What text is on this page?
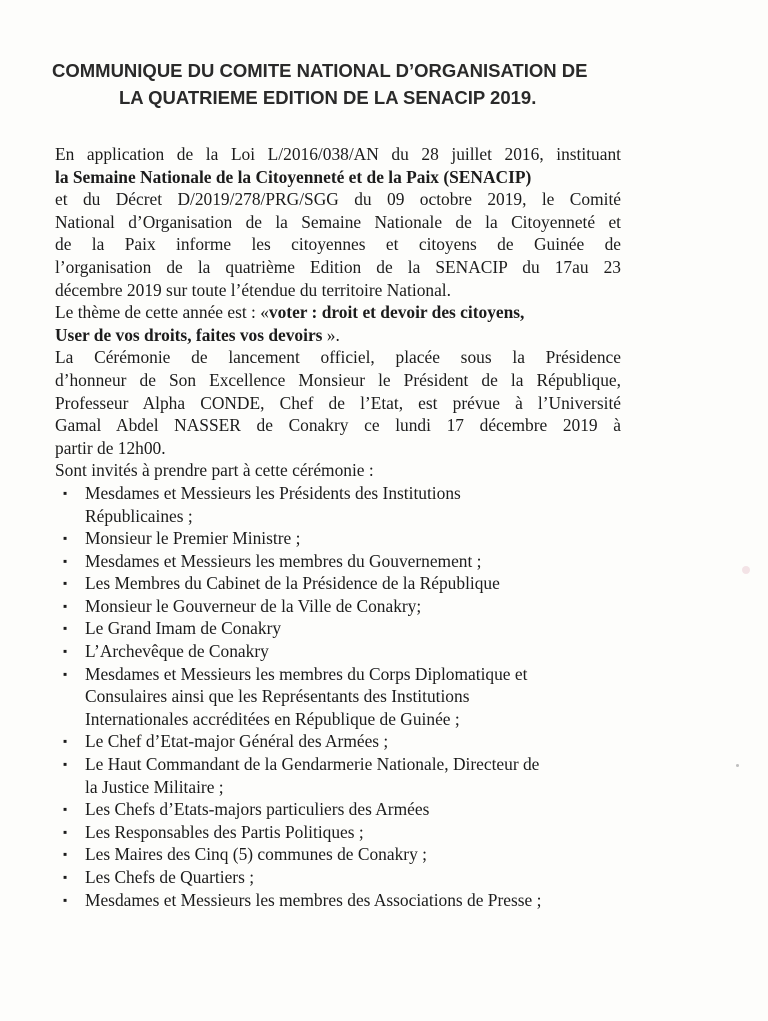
COMMUNIQUE DU COMITE NATIONAL D’ORGANISATION DE
LA QUATRIEME EDITION DE LA SENACIP 2019.

En application de la Loi L/2016/038/AN du 28 juillet 2016, instituant
la Semaine Nationale de la Citoyenneté et de la Paix (SENACIP)
et du Décret D/2019/278/PRG/SGG du 09 octobre 2019, le Comité
National d’Organisation de la Semaine Nationale de la Citoyenneté et
de la Paix informe les citoyennes et citoyens de Guinée de
l’organisation de la quatrième Edition de la SENACIP du 17au 23
décembre 2019 sur toute l’étendue du territoire National.

Le thème de cette année est : «voter : droit et devoir des citoyens,
User de vos droits, faites vos devoirs ».

La Cérémonie de lancement officiel, placée sous la Présidence
d’honneur de Son Excellence Monsieur le Président de la République,
Professeur Alpha CONDE, Chef de l’Etat, est prévue à l’Université
Gamal Abdel NASSER de Conakry ce lundi 17 décembre 2019 à
partir de 12h00.

Sont invités à prendre part à cette cérémonie :

▪ Mesdames et Messieurs les Présidents des Institutions
Républicaines ;
▪ Monsieur le Premier Ministre ;
▪ Mesdames et Messieurs les membres du Gouvernement ;
▪ Les Membres du Cabinet de la Présidence de la République
▪ Monsieur le Gouverneur de la Ville de Conakry;
▪ Le Grand Imam de Conakry
▪ L’Archevêque de Conakry
▪ Mesdames et Messieurs les membres du Corps Diplomatique et
Consulaires ainsi que les Représentants des Institutions
Internationales accréditées en République de Guinée ;
▪ Le Chef d’Etat-major Général des Armées ;
▪ Le Haut Commandant de la Gendarmerie Nationale, Directeur de
la Justice Militaire ;
▪ Les Chefs d’Etats-majors particuliers des Armées
▪ Les Responsables des Partis Politiques ;
▪ Les Maires des Cinq (5) communes de Conakry ;
▪ Les Chefs de Quartiers ;
▪ Mesdames et Messieurs les membres des Associations de Presse ;
